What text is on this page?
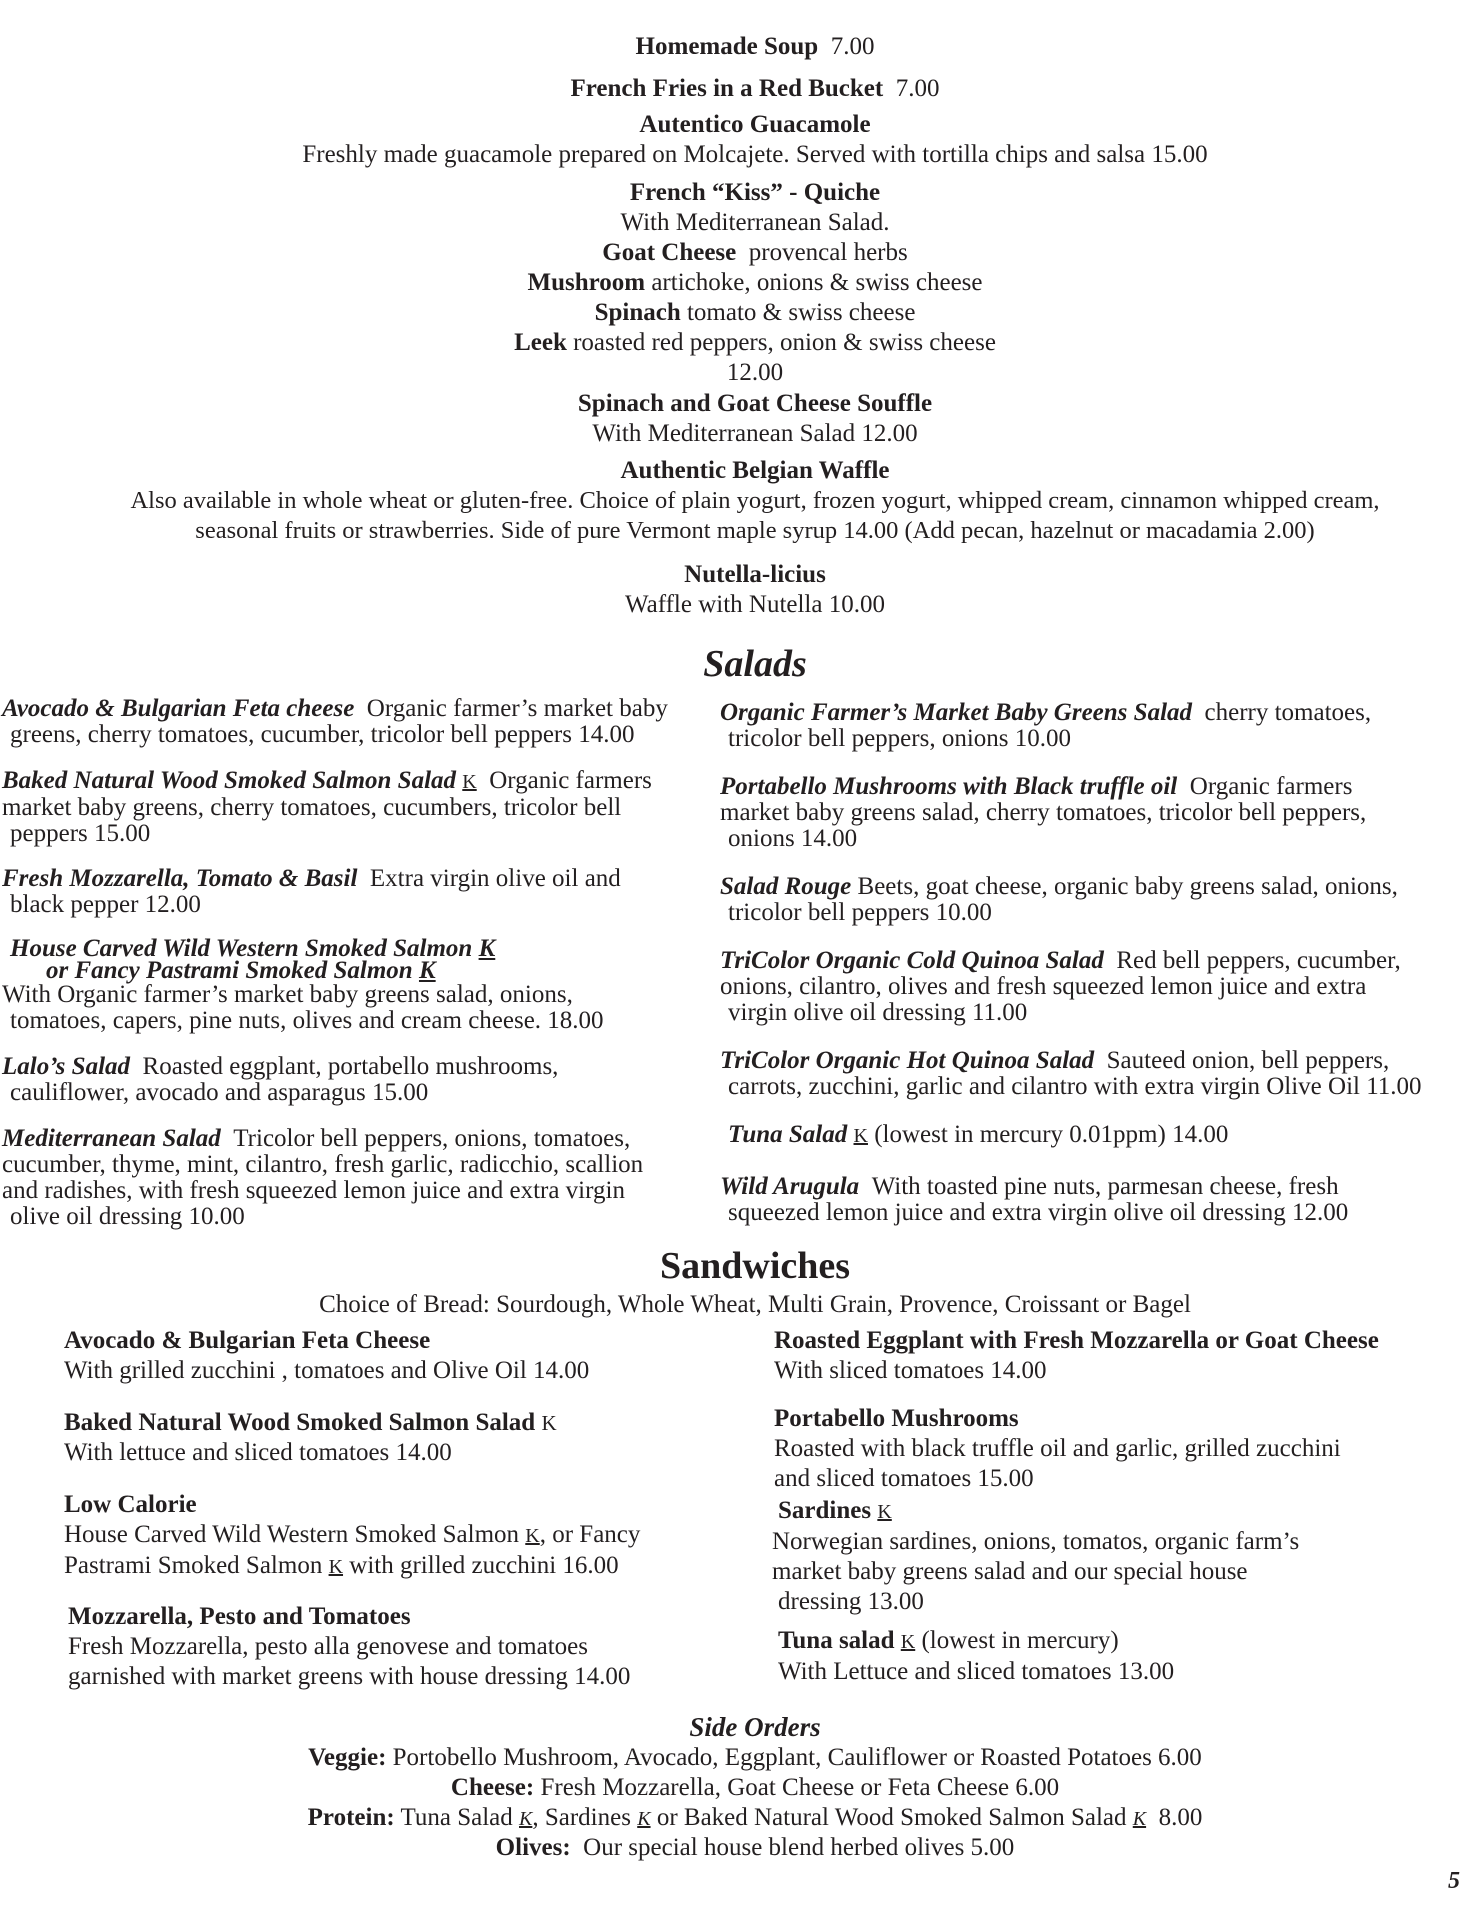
Homemade Soup 7.00
French Fries in a Red Bucket 7.00
Autentico Guacamole
Freshly made guacamole prepared on Molcajete. Served with tortilla chips and salsa 15.00
French “Kiss” - Quiche
With Mediterranean Salad.
Goat Cheese provencal herbs
Mushroom artichoke, onions & swiss cheese
Spinach tomato & swiss cheese
Leek roasted red peppers, onion & swiss cheese
12.00
Spinach and Goat Cheese Souffle
With Mediterranean Salad 12.00
Authentic Belgian Waffle
Also available in whole wheat or gluten-free. Choice of plain yogurt, frozen yogurt, whipped cream, cinnamon whipped cream,
seasonal fruits or strawberries. Side of pure Vermont maple syrup 14.00 (Add pecan, hazelnut or macadamia 2.00)
Nutella-licius
Waffle with Nutella 10.00
Salads
Avocado & Bulgarian Feta cheese Organic farmer’s market baby
greens, cherry tomatoes, cucumber, tricolor bell peppers 14.00
Baked Natural Wood Smoked Salmon Salad K Organic farmers
market baby greens, cherry tomatoes, cucumbers, tricolor bell
peppers 15.00
Fresh Mozzarella, Tomato & Basil Extra virgin olive oil and
black pepper 12.00
House Carved Wild Western Smoked Salmon K
or Fancy Pastrami Smoked Salmon K
With Organic farmer’s market baby greens salad, onions,
tomatoes, capers, pine nuts, olives and cream cheese. 18.00
Lalo’s Salad Roasted eggplant, portabello mushrooms,
cauliflower, avocado and asparagus 15.00
Mediterranean Salad Tricolor bell peppers, onions, tomatoes,
cucumber, thyme, mint, cilantro, fresh garlic, radicchio, scallion
and radishes, with fresh squeezed lemon juice and extra virgin
olive oil dressing 10.00
Organic Farmer’s Market Baby Greens Salad cherry tomatoes,
tricolor bell peppers, onions 10.00
Portabello Mushrooms with Black truffle oil Organic farmers
market baby greens salad, cherry tomatoes, tricolor bell peppers,
onions 14.00
Salad Rouge Beets, goat cheese, organic baby greens salad, onions,
tricolor bell peppers 10.00
TriColor Organic Cold Quinoa Salad Red bell peppers, cucumber,
onions, cilantro, olives and fresh squeezed lemon juice and extra
virgin olive oil dressing 11.00
TriColor Organic Hot Quinoa Salad Sauteed onion, bell peppers,
carrots, zucchini, garlic and cilantro with extra virgin Olive Oil 11.00
Tuna Salad K (lowest in mercury 0.01ppm) 14.00
Wild Arugula With toasted pine nuts, parmesan cheese, fresh
squeezed lemon juice and extra virgin olive oil dressing 12.00
Sandwiches
Choice of Bread: Sourdough, Whole Wheat, Multi Grain, Provence, Croissant or Bagel
Avocado & Bulgarian Feta Cheese
With grilled zucchini , tomatoes and Olive Oil 14.00
Baked Natural Wood Smoked Salmon Salad K
With lettuce and sliced tomatoes 14.00
Low Calorie
House Carved Wild Western Smoked Salmon K, or Fancy
Pastrami Smoked Salmon K with grilled zucchini 16.00
Mozzarella, Pesto and Tomatoes
Fresh Mozzarella, pesto alla genovese and tomatoes
garnished with market greens with house dressing 14.00
Roasted Eggplant with Fresh Mozzarella or Goat Cheese
With sliced tomatoes 14.00
Portabello Mushrooms
Roasted with black truffle oil and garlic, grilled zucchini
and sliced tomatoes 15.00
Sardines K
Norwegian sardines, onions, tomatos, organic farm’s
market baby greens salad and our special house
dressing 13.00
Tuna salad K (lowest in mercury)
With Lettuce and sliced tomatoes 13.00
Side Orders
Veggie: Portobello Mushroom, Avocado, Eggplant, Cauliflower or Roasted Potatoes 6.00
Cheese: Fresh Mozzarella, Goat Cheese or Feta Cheese 6.00
Protein: Tuna Salad K, Sardines K or Baked Natural Wood Smoked Salmon Salad K 8.00
Olives: Our special house blend herbed olives 5.00
5
